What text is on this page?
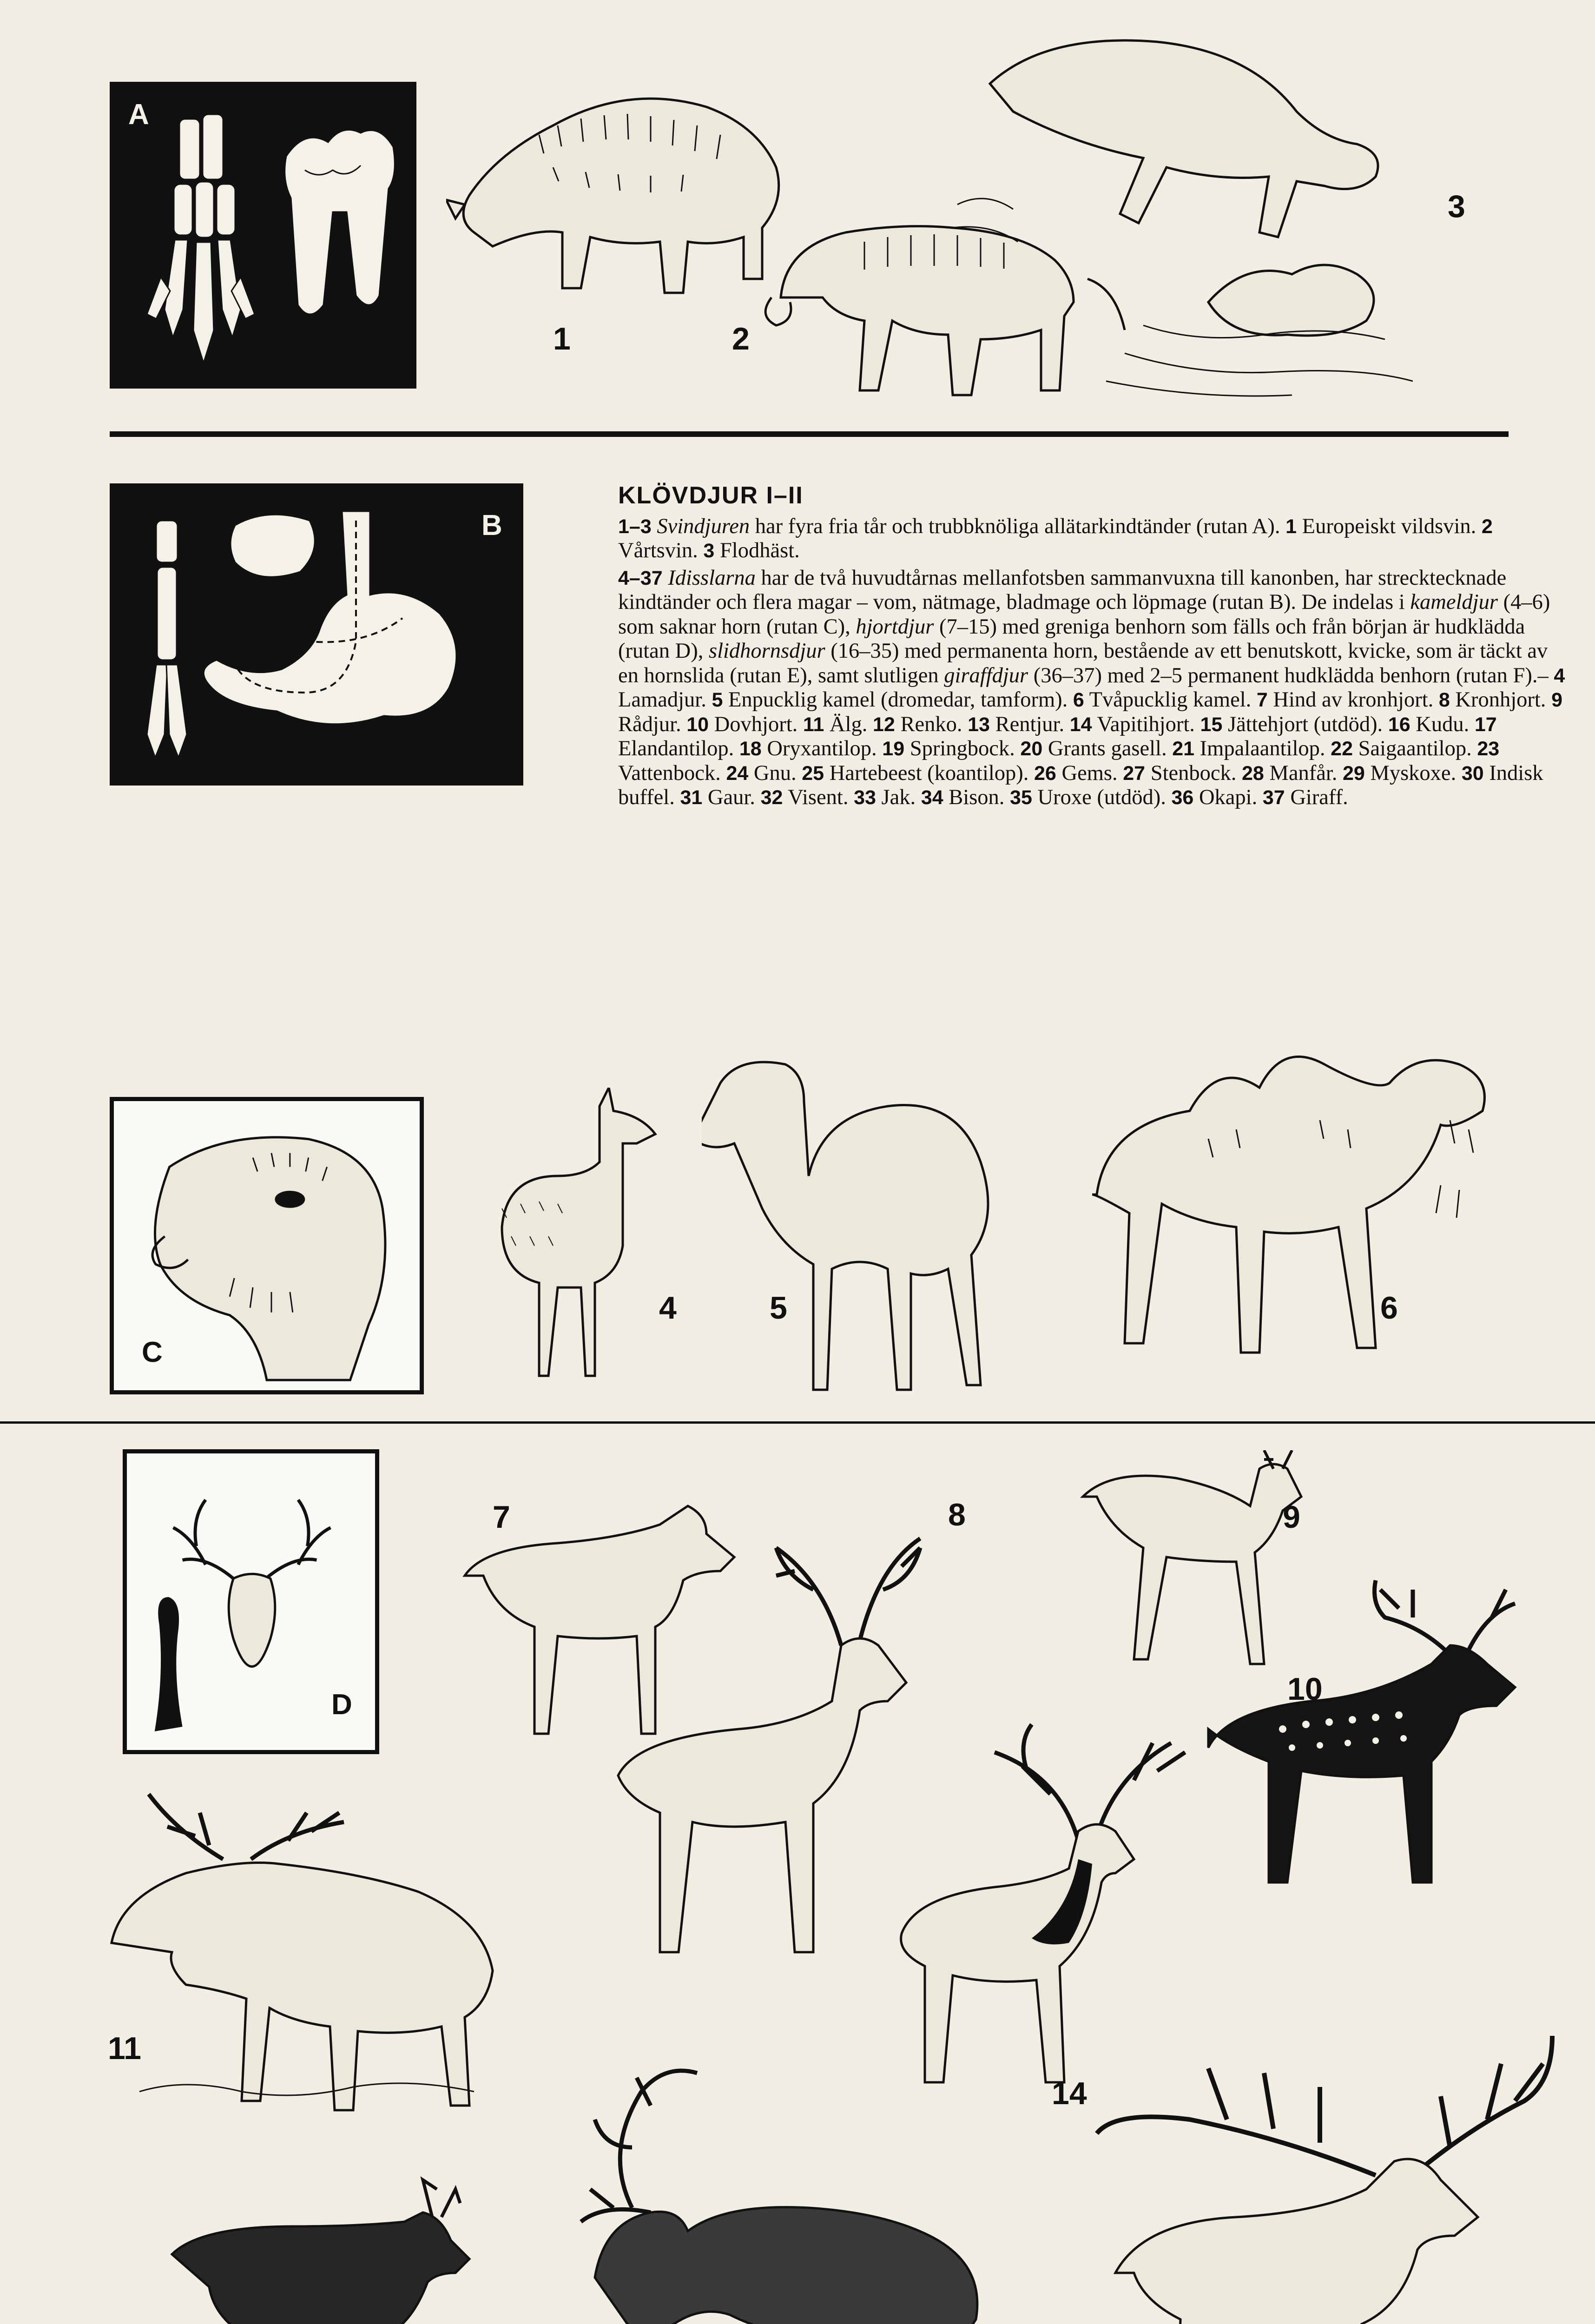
A
1	2
3
B
KLÖVDJUR I–II

1–3 Svindjuren har fyra fria tår och trubbknöliga allätarkindtänder (rutan A). 1 Europeiskt vildsvin. 2 Vårtsvin. 3 Flodhäst.

4–37 Idisslarna har de två huvudtårnas mellanfotsben sammanvuxna till kanonben, har strecktecknade kindtänder och flera magar – vom, nätmage, bladmage och löpmage (rutan B). De indelas i kameldjur (4–6) som saknar horn (rutan C), hjortdjur (7–15) med greniga benhorn som fälls och från början är hudklädda (rutan D), slidhornsdjur (16–35) med permanenta horn, bestående av ett benutskott, kvicke, som är täckt av en hornslida (rutan E), samt slutligen giraffdjur (36–37) med 2–5 permanent hudklädda benhorn (rutan F).– 4 Lamadjur. 5 Enpucklig kamel (dromedar, tamform). 6 Tvåpucklig kamel. 7 Hind av kronhjort. 8 Kronhjort. 9 Rådjur. 10 Dovhjort. 11 Älg. 12 Renko. 13 Rentjur. 14 Vapitihjort. 15 Jättehjort (utdöd). 16 Kudu. 17 Elandantilop. 18 Oryxantilop. 19 Springbock. 20 Grants gasell. 21 Impalaantilop. 22 Saigaantilop. 23 Vattenbock. 24 Gnu. 25 Hartebeest (koantilop). 26 Gems. 27 Stenbock. 28 Manfår. 29 Myskoxe. 30 Indisk buffel. 31 Gaur. 32 Visent. 33 Jak. 34 Bison. 35 Uroxe (utdöd). 36 Okapi. 37 Giraff.

C
4	5	6
D
7	8	9
10
11
14
